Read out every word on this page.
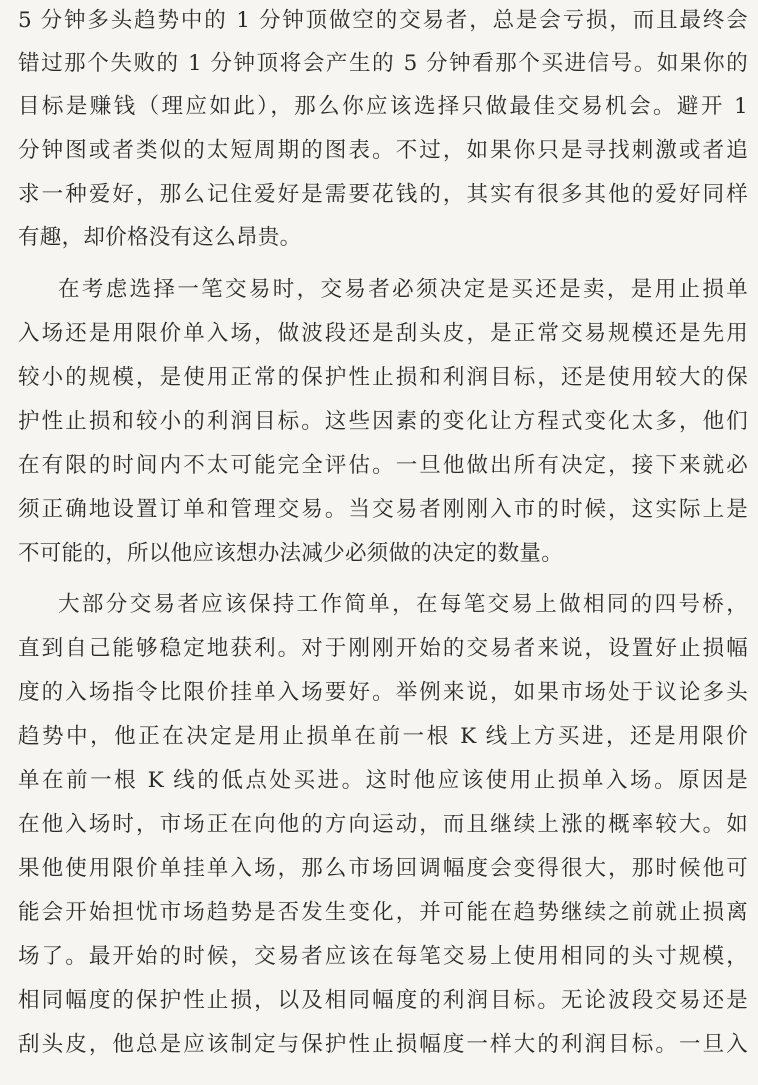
5 分钟多头趋势中的 1 分钟顶做空的交易者，总是会亏损，而且最终会
错过那个失败的 1 分钟顶将会产生的 5 分钟看那个买进信号。如果你的
目标是赚钱（理应如此），那么你应该选择只做最佳交易机会。避开 1
分钟图或者类似的太短周期的图表。不过，如果你只是寻找刺激或者追
求一种爱好，那么记住爱好是需要花钱的，其实有很多其他的爱好同样
有趣，却价格没有这么昂贵。
在考虑选择一笔交易时，交易者必须决定是买还是卖，是用止损单
入场还是用限价单入场，做波段还是刮头皮，是正常交易规模还是先用
较小的规模，是使用正常的保护性止损和利润目标，还是使用较大的保
护性止损和较小的利润目标。这些因素的变化让方程式变化太多，他们
在有限的时间内不太可能完全评估。一旦他做出所有决定，接下来就必
须正确地设置订单和管理交易。当交易者刚刚入市的时候，这实际上是
不可能的，所以他应该想办法减少必须做的决定的数量。
大部分交易者应该保持工作简单，在每笔交易上做相同的四号桥，
直到自己能够稳定地获利。对于刚刚开始的交易者来说，设置好止损幅
度的入场指令比限价挂单入场要好。举例来说，如果市场处于议论多头
趋势中，他正在决定是用止损单在前一根 K 线上方买进，还是用限价
单在前一根 K 线的低点处买进。这时他应该使用止损单入场。原因是
在他入场时，市场正在向他的方向运动，而且继续上涨的概率较大。如
果他使用限价单挂单入场，那么市场回调幅度会变得很大，那时候他可
能会开始担忧市场趋势是否发生变化，并可能在趋势继续之前就止损离
场了。最开始的时候，交易者应该在每笔交易上使用相同的头寸规模，
相同幅度的保护性止损，以及相同幅度的利润目标。无论波段交易还是
刮头皮，他总是应该制定与保护性止损幅度一样大的利润目标。一旦入
